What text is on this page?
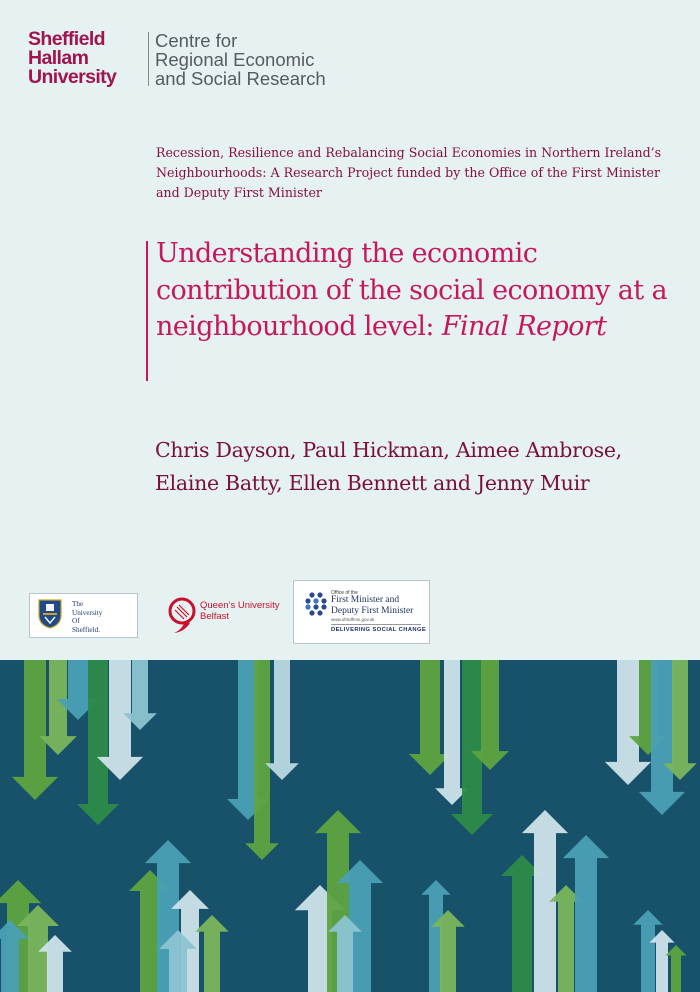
Sheffield
Hallam
University
Centre for
Regional Economic
and Social Research
Recession, Resilience and Rebalancing Social Economies in Northern Ireland’s Neighbourhoods: A Research Project funded by the Office of the First Minister and Deputy First Minister
Understanding the economic contribution of the social economy at a neighbourhood level: Final Report
Chris Dayson, Paul Hickman, Aimee Ambrose, Elaine Batty, Ellen Bennett and Jenny Muir
The
University
Of
Sheffield.
Queen’s University
Belfast
Office of the
First Minister and
Deputy First Minister
www.ofmdfmni.gov.uk
DELIVERING SOCIAL CHANGE
